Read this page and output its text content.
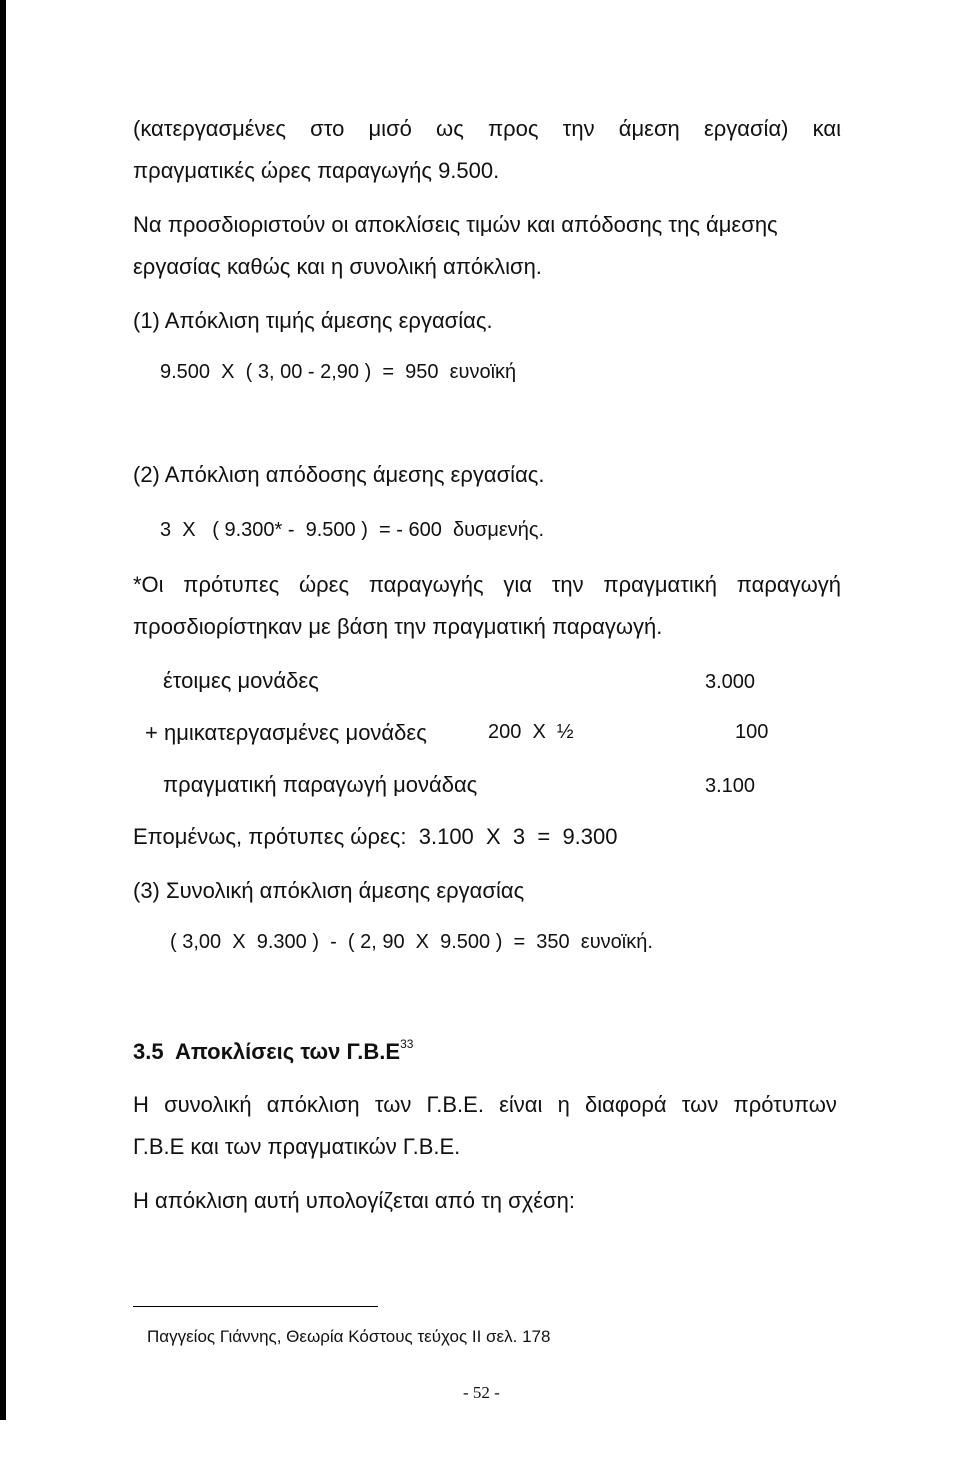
(κατεργασμένες στο μισό ως προς την άμεση εργασία) και
πραγματικές ώρες παραγωγής 9.500.
Να προσδιοριστούν οι αποκλίσεις τιμών και απόδοσης της άμεσης
εργασίας καθώς και η συνολική απόκλιση.
(1) Απόκλιση τιμής άμεσης εργασίας.
9.500  Χ  ( 3, 00 - 2,90 )  =  950  ευνοϊκή
(2) Απόκλιση απόδοσης άμεσης εργασίας.
3  Χ   ( 9.300* -  9.500 )  = - 600  δυσμενής.
*Οι πρότυπες ώρες παραγωγής για την πραγματική παραγωγή
προσδιορίστηκαν με βάση την πραγματική παραγωγή.
έτοιμες μονάδες	3.000
+ ημικατεργασμένες μονάδες	200  Χ  ½	100
πραγματική παραγωγή μονάδας	3.100
Επομένως, πρότυπες ώρες:  3.100  Χ  3  =  9.300
(3) Συνολική απόκλιση άμεσης εργασίας
( 3,00  Χ  9.300 )  -  ( 2, 90  Χ  9.500 )  =  350  ευνοϊκή.
3.5 Αποκλίσεις των $\Gamma.B.E^{33}$
Η συνολική απόκλιση των Γ.Β.Ε. είναι η διαφορά των πρότυπων
Γ.Β.Ε και των πραγματικών Γ.Β.Ε.
Η απόκλιση αυτή υπολογίζεται από τη σχέση:
Παγγείος Γιάννης, Θεωρία Κόστους τεύχος ΙΙ σελ. 178
- 52 -
